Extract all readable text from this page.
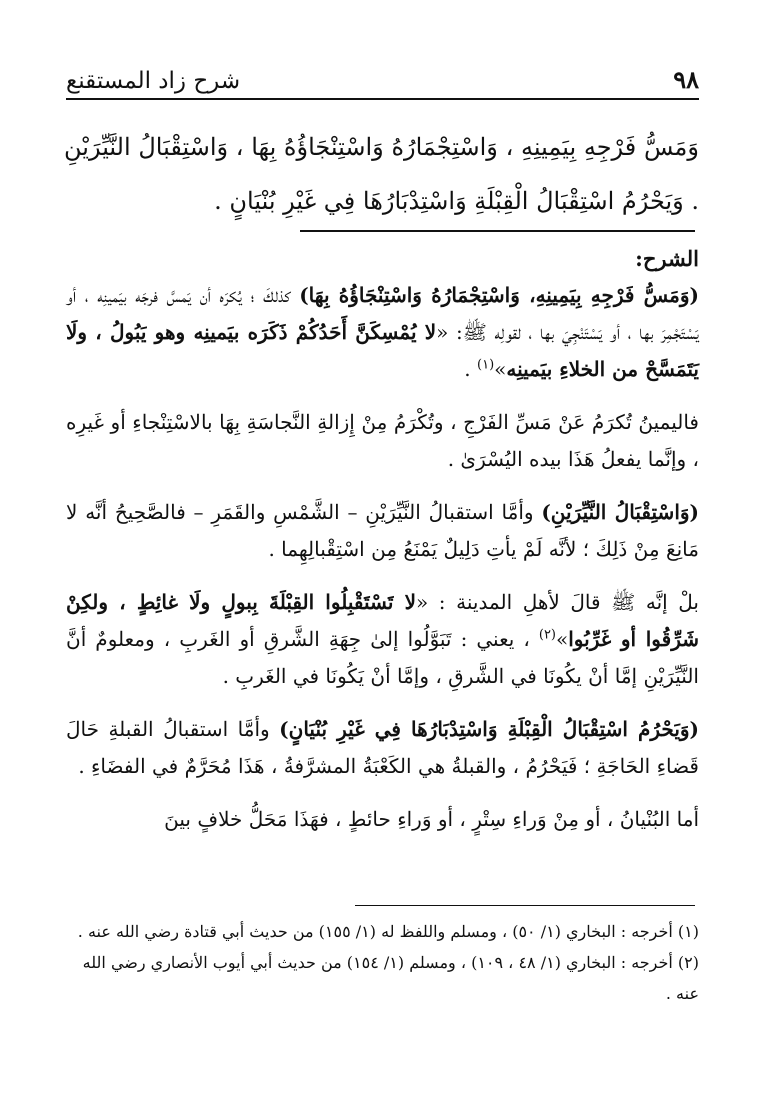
٩٨
شرح زاد المستقنع
وَمَسُّ فَرْجِهِ بِيَمِينِهِ ، وَاسْتِجْمَارُهُ وَاسْتِنْجَاؤُهُ بِهَا ، وَاسْتِقْبَالُ النَّيِّرَيْنِ . وَيَحْرُمُ اسْتِقْبَالُ الْقِبْلَةِ وَاسْتِدْبَارُهَا فِي غَيْرِ بُنْيَانٍ .

الشرح:

(وَمَسُّ فَرْجِهِ بِيَمِينِهِ، وَاسْتِجْمَارُهُ وَاسْتِنْجَاؤُهُ بِهَا) كذلكَ ؛ يُكرَه أن يَمسَّ فرجَه بيَمينِه ، أو يَسْتَجْمِرَ بها ، أو يَسْتَنْجِيَ بها ، لقولِه ﷺ: «لا يُمْسِكَنَّ أَحَدُكُمْ ذَكَرَه بيَمينِه وهو يَبُولُ ، ولَا يَتَمَسَّحْ من الخلاءِ بيَمينِه»$^{(١)}$ .

فاليمينُ تُكرَمُ عَنْ مَسِّ الفَرْجِ ، وتُكْرَمُ مِنْ إِزالةِ النَّجاسَةِ بِهَا بالاسْتِنْجاءِ أو غَيرِه ، وإنَّما يفعلُ هَذَا بيده اليُسْرَىٰ .

(وَاسْتِقْبَالُ النَّيِّرَيْنِ) وأمَّا استقبالُ النَّيِّرَيْنِ – الشَّمْسِ والقَمَرِ – فالصَّحِيحُ أنَّه لا مَانِعَ مِنْ ذَلِكَ ؛ لأنَّه لَمْ يأتِ دَلِيلٌ يَمْنَعُ مِن اسْتِقْبالِهِما .

بلْ إنَّه ﷺ قالَ لأهلِ المدينة : «لا تَسْتَقْبِلُوا القِبْلَةَ بِبولٍ ولَا غائِطٍ ، ولكِنْ شَرِّقُوا أو غَرِّبُوا»$^{(٢)}$ ، يعني : تَبَوَّلُوا إلىٰ جِهَةِ الشَّرقِ أو الغَربِ ، ومعلومٌ أنَّ النَّيِّرَيْنِ إمَّا أنْ يكُونَا في الشَّرقِ ، وإمَّا أنْ يَكُونَا في الغَربِ .

(وَيَحْرُمُ اسْتِقْبَالُ الْقِبْلَةِ وَاسْتِدْبَارُهَا فِي غَيْرِ بُنْيَانٍ) وأمَّا استقبالُ القبلةِ حَالَ قَضاءِ الحَاجَةِ ؛ فَيَحْرُمُ ، والقبلةُ هي الكَعْبَةُ المشرَّفةُ ، هَذَا مُحَرَّمٌ في الفضَاءِ .

أما البُنْيانُ ، أو مِنْ وَراءِ سِتْرٍ ، أو وَراءِ حائطٍ ، فهَذَا مَحَلُّ خلافٍ بينَ

(١) أخرجه : البخاري (١/ ٥٠) ، ومسلم واللفظ له (١/ ١٥٥) من حديث أبي قتادة رضي الله عنه .

(٢) أخرجه : البخاري (١/ ٤٨ ، ١٠٩) ، ومسلم (١/ ١٥٤) من حديث أبي أيوب الأنصاري رضي الله عنه .
